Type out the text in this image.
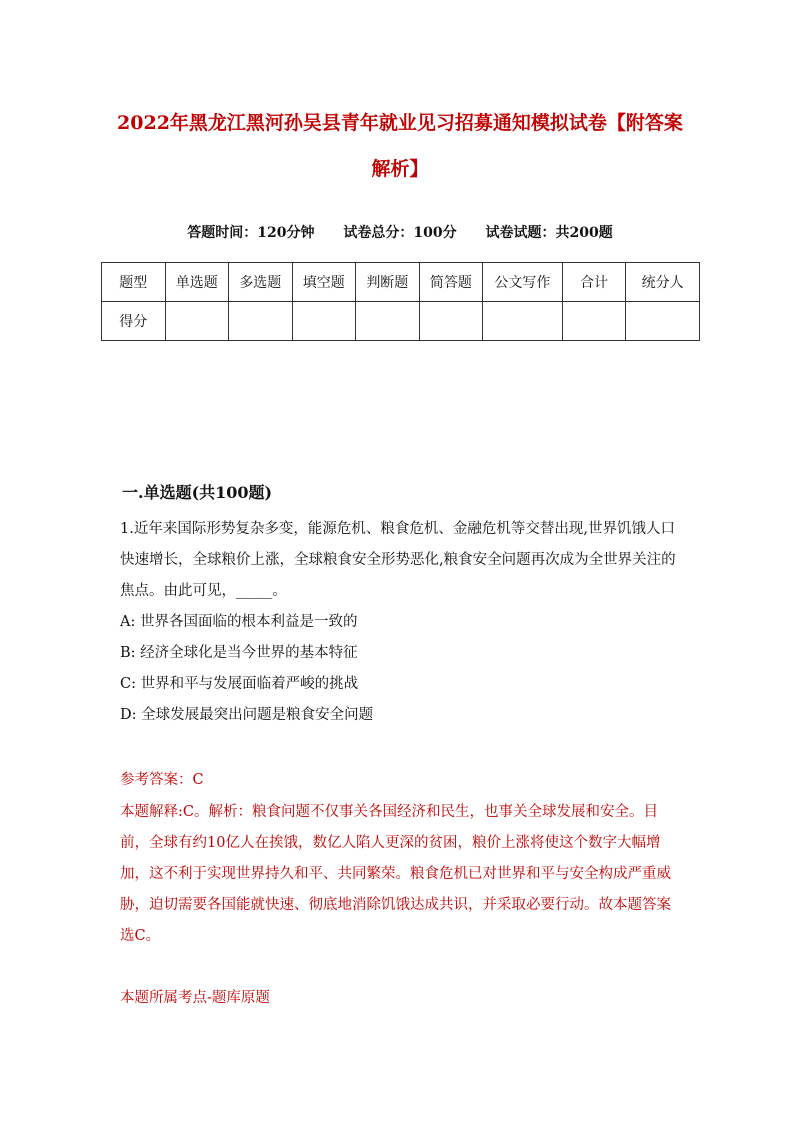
2022年黑龙江黑河孙吴县青年就业见习招募通知模拟试卷【附答案解析】
答题时间：120分钟 试卷总分：100分 试卷试题：共200题
题型	单选题	多选题	填空题	判断题	简答题	公文写作	合计	统分人
得分								
一.单选题(共100题)
1.近年来国际形势复杂多变，能源危机、粮食危机、金融危机等交替出现,世界饥饿人口快速增长，全球粮价上涨，全球粮食安全形势恶化,粮食安全问题再次成为全世界关注的焦点。由此可见，_____。
A: 世界各国面临的根本利益是一致的
B: 经济全球化是当今世界的基本特征
C: 世界和平与发展面临着严峻的挑战
D: 全球发展最突出问题是粮食安全问题
参考答案：C
本题解释:C。解析：粮食问题不仅事关各国经济和民生，也事关全球发展和安全。目前，全球有约10亿人在挨饿，数亿人陷人更深的贫困，粮价上涨将使这个数字大幅增加，这不利于实现世界持久和平、共同繁荣。粮食危机已对世界和平与安全构成严重威胁，迫切需要各国能就快速、彻底地消除饥饿达成共识，并采取必要行动。故本题答案选C。
本题所属考点-题库原题
